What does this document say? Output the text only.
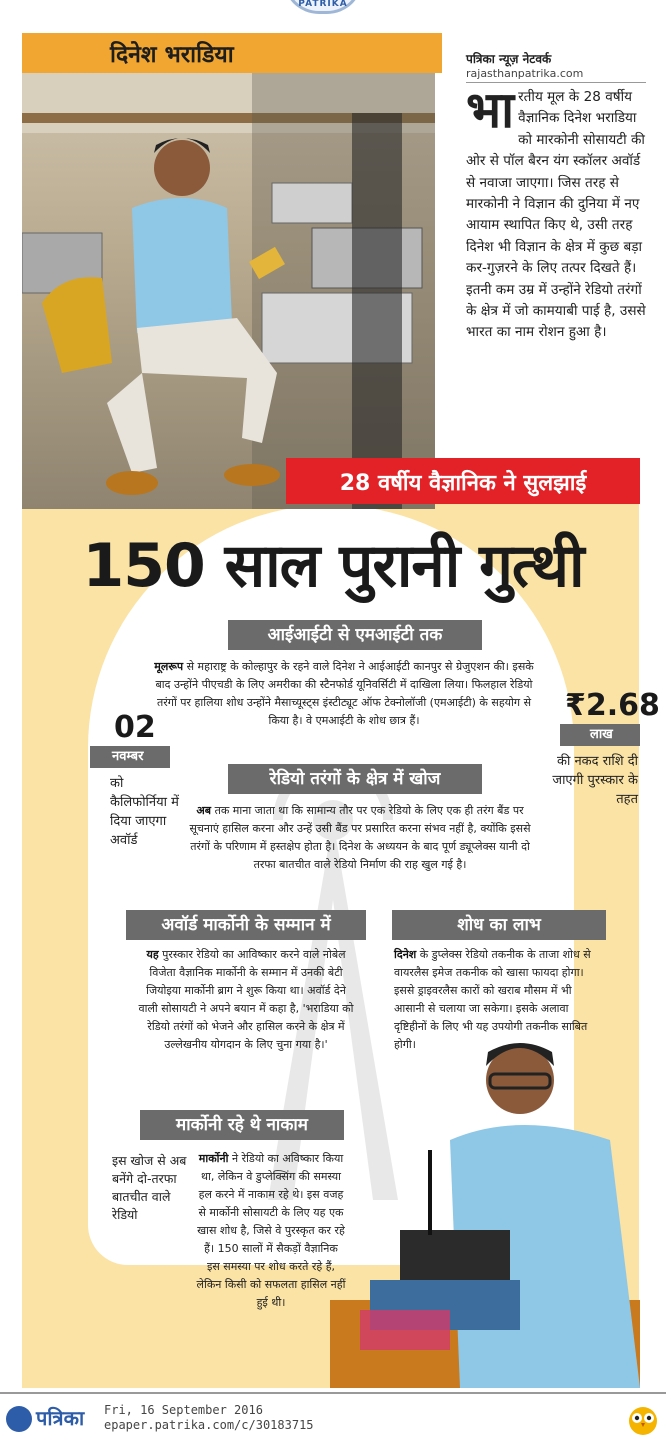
PATRIKA
दिनेश भराडिया	पत्रिका न्यूज़ नेटवर्क
rajasthanpatrika.com
भारतीय मूल के 28 वर्षीय वैज्ञानिक दिनेश भराडिया को मारकोनी सोसायटी की ओर से पॉल बैरन यंग स्कॉलर अवॉर्ड से नवाजा जाएगा। जिस तरह से मारकोनी ने विज्ञान की दुनिया में नए आयाम स्थापित किए थे, उसी तरह दिनेश भी विज्ञान के क्षेत्र में कुछ बड़ा कर-गुज़रने के लिए तत्पर दिखते हैं। इतनी कम उम्र में उन्होंने रेडियो तरंगों के क्षेत्र में जो कामयाबी पाई है, उससे भारत का नाम रोशन हुआ है।
28 वर्षीय वैज्ञानिक ने सुलझाई
150 साल पुरानी गुत्थी
आईआईटी से एमआईटी तक
मूलरूप से महाराष्ट्र के कोल्हापुर के रहने वाले दिनेश ने आईआईटी कानपुर से ग्रेजुएशन की। इसके बाद उन्होंने पीएचडी के लिए अमरीका की स्टैनफोर्ड यूनिवर्सिटी में दाखिला लिया। फिलहाल रेडियो तरंगों पर हालिया शोध उन्होंने मैसाच्यूस्ट्स इंस्टीट्यूट ऑफ टेक्नोलॉजी (एमआईटी) के सहयोग से किया है। वे एमआईटी के शोध छात्र हैं।
02
नवम्बर
को कैलिफोर्निया में दिया जाएगा अवॉर्ड
₹2.68
लाख
की नकद राशि दी जाएगी पुरस्कार के तहत
रेडियो तरंगों के क्षेत्र में खोज
अब तक माना जाता था कि सामान्य तौर पर एक रेडियो के लिए एक ही तरंग बैंड पर सूचनाएं हासिल करना और उन्हें उसी बैंड पर प्रसारित करना संभव नहीं है, क्योंकि इससे तरंगों के परिणाम में हस्तक्षेप होता है। दिनेश के अध्ययन के बाद पूर्ण ड्यूप्लेक्स यानी दो तरफा बातचीत वाले रेडियो निर्माण की राह खुल गई है।
अवॉर्ड मार्कोनी के सम्मान में
यह पुरस्कार रेडियो का आविष्कार करने वाले नोबेल विजेता वैज्ञानिक मार्कोनी के सम्मान में उनकी बेटी जियोइया मार्कोनी ब्राग ने शुरू किया था। अवॉर्ड देने वाली सोसायटी ने अपने बयान में कहा है, 'भराडिया को रेडियो तरंगों को भेजने और हासिल करने के क्षेत्र में उल्लेखनीय योगदान के लिए चुना गया है।'
शोध का लाभ
दिनेश के डुप्लेक्स रेडियो तकनीक के ताजा शोध से वायरलैस इमेज तकनीक को खासा फायदा होगा। इससे ड्राइवरलैस कारों को खराब मौसम में भी आसानी से चलाया जा सकेगा। इसके अलावा दृष्टिहीनों के लिए भी यह उपयोगी तकनीक साबित होगी।
मार्कोनी रहे थे नाकाम
इस खोज से अब बनेंगे दो-तरफा बातचीत वाले रेडियो
मार्कोनी ने रेडियो का अविष्कार किया था, लेकिन वे डुप्लेक्सिंग की समस्या हल करने में नाकाम रहे थे। इस वजह से मार्कोनी सोसायटी के लिए यह एक खास शोध है, जिसे वे पुरस्कृत कर रहे हैं। 150 सालों में सैकड़ों वैज्ञानिक इस समस्या पर शोध करते रहे हैं, लेकिन किसी को सफलता हासिल नहीं हुई थी।
पत्रिका Fri, 16 September 2016
epaper.patrika.com/c/30183715
